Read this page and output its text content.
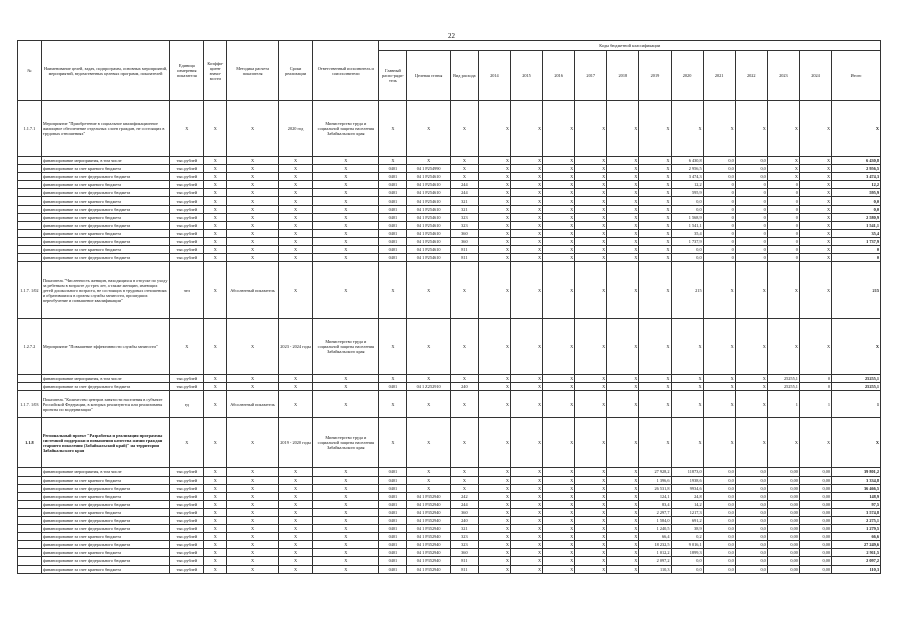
22
№	Наименование целей, задач, подпрограмм, основных мероприятий, мероприятий, ведомственных целевых программ, показателей	Единица измерения показателя	Коэффи-циент значи-мости	Методика расчета показателя	Сроки реализации	Ответственный исполнитель и соисполнители	Коды бюджетной классификации														
							Главный распо-ряди-тель	Целевая статья	Вид расхода	2014	2015	2016	2017	2018	2019	2020	2021	2022	2023	2024	Итого
1.1.7.1	Мероприятие "Приобретение в социальное квалификационное жилищное обеспечение отдельных слоев граждан, не состоящих в трудовых отношениях"	X	X	X	2020 год	Министерство труда и социальной защиты населения Забайкальского края	X	X	X	X	X	X	X	X	X	X	X	X	X	X	X
	финансирование мероприятия, в том числе	тыс.рублей	X	X	X	X	X	X	X	X	X	X	X	X	X	6 430,8	0,0	0,0	X	X	6 430,8
	финансирование за счет краевого бюджета	тыс.рублей	X	X	X	X	0401	04 1 P254990	X	X	X	X	X	X	X	2 956,5	0,0	0,0	X	X	2 956,5
	финансирование за счет федерального бюджета	тыс.рублей	X	X	X	X	0401	04 1 P254610	X	X	X	X	X	X	X	3 474,3	0,0	0,0	X	X	3 474,3
	финансирование за счет краевого бюджета	тыс.рублей	X	X	X	X	0401	04 1 P254610	244	X	X	X	X	X	X	12,2	0	0	0	X	12,2
	финансирование за счет федерального бюджета	тыс.рублей	X	X	X	X	0401	04 1 P254610	244	X	X	X	X	X	X	595,9	0	0	0	X	595,9
	финансирование за счет краевого бюджета	тыс.рублей	X	X	X	X	0401	04 1 P254610	321	X	X	X	X	X	X	0,0	0	0	0	X	0,0
	финансирование за счет федерального бюджета	тыс.рублей	X	X	X	X	0401	04 1 P254610	321	X	X	X	X	X	X	0,0	0	0	0	X	0,0
	финансирование за счет краевого бюджета	тыс.рублей	X	X	X	X	0401	04 1 P254610	323	X	X	X	X	X	X	1 568,9	0	0	0	X	2 580,9
	финансирование за счет федерального бюджета	тыс.рублей	X	X	X	X	0401	04 1 P254610	323	X	X	X	X	X	X	1 541,1	0	0	0	X	1 541,1
	финансирование за счет краевого бюджета	тыс.рублей	X	X	X	X	0401	04 1 P254610	360	X	X	X	X	X	X	35,4	0	0	0	X	35,4
	финансирование за счет федерального бюджета	тыс.рублей	X	X	X	X	0401	04 1 P254610	360	X	X	X	X	X	X	1 737,9	0	0	0	X	1 737,9
	финансирование за счет краевого бюджета	тыс.рублей	X	X	X	X	0401	04 1 P254610	811	X	X	X	X	X	X	0,0	0	0	0	X	0
	финансирование за счет федерального бюджета	тыс.рублей	X	X	X	X	0401	04 1 P254610	811	X	X	X	X	X	X	0,0	0	0	0	X	0
1.1.7. 1/02	Показатель "Численность женщин, находящихся в отпуске по уходу за ребенком в возрасте до трех лет, а также женщин, имеющих детей дошкольного возраста, не состоящих в трудовых отношениях и обратившихся в органы службы занятости, прошедших переобучение и повышение квалификации"	чел	X	Абсолютный показатель	X	X	X	X	X	X	X	X	X	X	X	215	X	X	X	X	215
1.2.7.2	Мероприятие "Повышение эффективности службы занятости"	X	X	X	2023 - 2024 годы	Министерство труда и социальной защиты населения Забайкальского края	X	X	X	X	X	X	X	X	X	X	X	X	X	X	X
	финансирование мероприятия, в том числе	тыс.рублей	X	X	X	X	X	X	X	X	X	X	X	X	X	X	X	X	25255,1	0	25255,1
	финансирование за счет федерального бюджета	тыс.рублей	X	X	X	X	0401	04 1 Z252910	240	X	X	X	X	X	X	X	X	X	25255,1	0	25255,1
1.1.7. 1/03	Показатель "Количество центров занятости населения в субъекте Российской Федерации, в которых реализуются или реализованы проекты по модернизации"	ед	X	Абсолютный показатель	X	X	X	X	X	X	X	X	X	X	X	X	X	X	1	1	1
1.1.8	Региональный проект "Разработка и реализация программы системной поддержки и повышения качества жизни граждан старшего поколения (Забайкальский край)" на территории Забайкальского края	X	X	X	2019 - 2020 годы	Министерство труда и социальной защиты населения Забайкальского края	X	X	X	X	X	X	X	X	X	X	X	X	X	X	X
	финансирование мероприятия, в том числе	тыс.рублей	X	X	X	X	0401	X	X	X	X	X	X	X	27 928,2	11873,0	0,0	0,0	0,00	0,00	39 801,2
	финансирование за счет краевого бюджета	тыс.рублей	X	X	X	X	0401	X	X	X	X	X	X	X	1 396,6	1938,6	0,0	0,0	0,00	0,00	3 334,8
	финансирование за счет федерального бюджета	тыс.рублей	X	X	X	X	0401	X	X	X	X	X	X	X	26 531,8	9934,6	0,0	0,0	0,00	0,00	36 466,5
	финансирование за счет краевого бюджета	тыс.рублей	X	X	X	X	0401	04 1 P352940	242	X	X	X	X	X	124,1	24,8	0,0	0,0	0,00	0,00	148,9
	финансирование за счет федерального бюджета	тыс.рублей	X	X	X	X	0401	04 1 P352940	244	X	X	X	X	X	83,4	14,2	0,0	0,0	0,00	0,00	97,5
	финансирование за счет краевого бюджета	тыс.рублей	X	X	X	X	0401	04 1 P352940	360	X	X	X	X	X	2 297,7	1217,3	0,0	0,0	0,00	0,00	3 574,8
	финансирование за счет федерального бюджета	тыс.рублей	X	X	X	X	0401	04 1 P352940	240	X	X	X	X	X	1 584,0	691,2	0,0	0,0	0,00	0,00	2 275,1
	финансирование за счет федерального бюджета	тыс.рублей	X	X	X	X	0401	04 1 P352940	321	X	X	X	X	X	1 240,5	38,9	0,0	0,0	0,00	0,00	1 279,5
	финансирование за счет краевого бюджета	тыс.рублей	X	X	X	X	0401	04 1 P352940	323	X	X	X	X	X	66,4	0,2	0,0	0,0	0,00	0,00	66,6
	финансирование за счет федерального бюджета	тыс.рублей	X	X	X	X	0401	04 1 P352940	323	X	X	X	X	X	18 232,5	9 016,1	0,0	0,0	0,00	0,00	27 249,6
	финансирование за счет краевого бюджета	тыс.рублей	X	X	X	X	0401	04 1 P352940	360	X	X	X	X	X	1 012,2	1899,3	0,0	0,0	0,00	0,00	2 911,5
	финансирование за счет федерального бюджета	тыс.рублей	X	X	X	X	0401	04 1 P352940	811	X	X	X	X	X	2 097,2	0,0	0,0	0,0	0,00	0,00	2 097,2
	финансирование за счет краевого бюджета	тыс.рублей	X	X	X	X	0401	04 1 P352940	811	X	X	X	X	X	110,3	0,0	0,0	0,0	0,00	0,00	110,3
